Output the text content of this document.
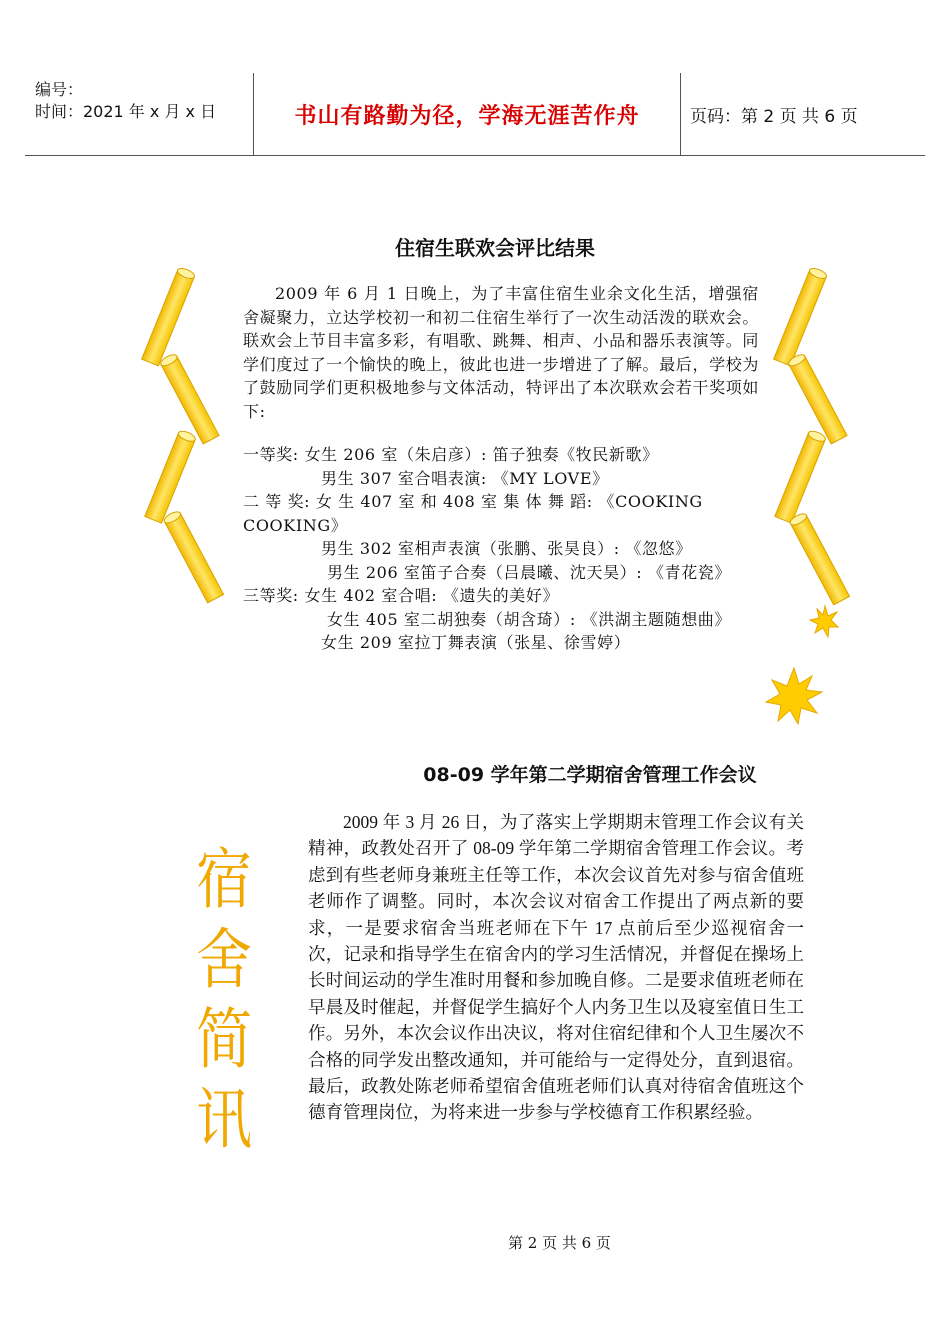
编号：
时间：2021 年 x 月 x 日	书山有路勤为径，学海无涯苦作舟	页码：第 2 页 共 6 页
住宿生联欢会评比结果

2009 年 6 月 1 日晚上，为了丰富住宿生业余文化生活，增强宿舍凝聚力，立达学校初一和初二住宿生举行了一次生动活泼的联欢会。联欢会上节目丰富多彩，有唱歌、跳舞、相声、小品和器乐表演等。同学们度过了一个愉快的晚上，彼此也进一步增进了了解。最后，学校为了鼓励同学们更积极地参与文体活动，特评出了本次联欢会若干奖项如下:

一等奖: 女生 206 室（朱启彦）: 笛子独奏《牧民新歌》

男生 307 室合唱表演: 《MY LOVE》

二 等 奖: 女 生 407 室 和 408 室 集 体 舞 蹈: 《COOKING COOKING》

男生 302 室相声表演（张鹏、张昊良）: 《忽悠》

男生 206 室笛子合奏（吕晨曦、沈天昊）: 《青花瓷》

三等奖: 女生 402 室合唱: 《遗失的美好》

女生 405 室二胡独奏（胡含琦）: 《洪湖主题随想曲》

女生 209 室拉丁舞表演（张星、徐雪婷）

08-09 学年第二学期宿舍管理工作会议
宿
舍
简
讯
2009 年 3 月 26 日，为了落实上学期期末管理工作会议有关精神，政教处召开了 08-09 学年第二学期宿舍管理工作会议。考虑到有些老师身兼班主任等工作，本次会议首先对参与宿舍值班老师作了调整。同时，本次会议对宿舍工作提出了两点新的要求，一是要求宿舍当班老师在下午 17 点前后至少巡视宿舍一次，记录和指导学生在宿舍内的学习生活情况，并督促在操场上长时间运动的学生准时用餐和参加晚自修。二是要求值班老师在早晨及时催起，并督促学生搞好个人内务卫生以及寝室值日生工作。另外，本次会议作出决议，将对住宿纪律和个人卫生屡次不合格的同学发出整改通知，并可能给与一定得处分，直到退宿。最后，政教处陈老师希望宿舍值班老师们认真对待宿舍值班这个德育管理岗位，为将来进一步参与学校德育工作积累经验。
第 2 页 共 6 页
